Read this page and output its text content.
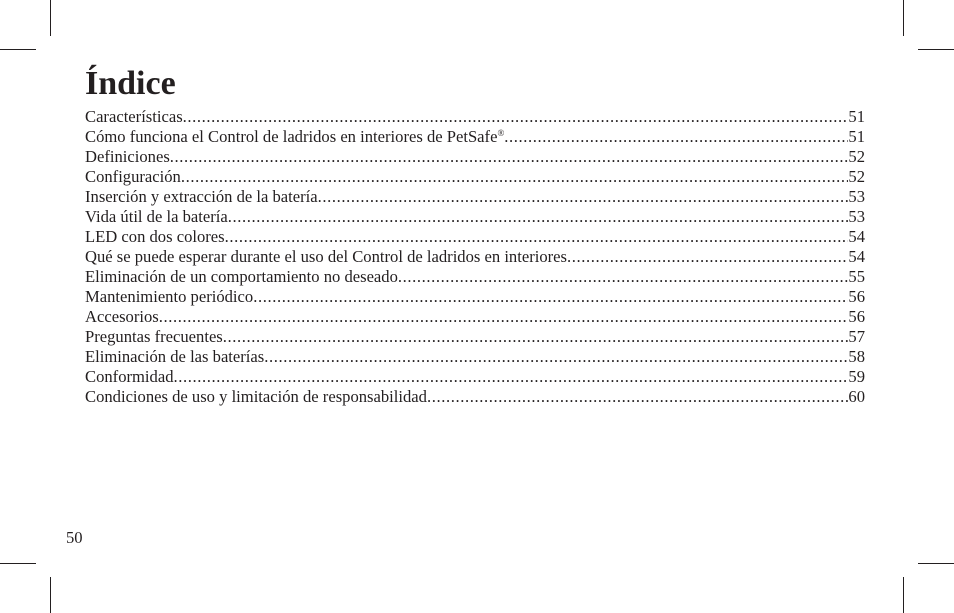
Índice
Características .....	51
Cómo funciona el Control de ladridos en interiores de PetSafe® .....	51
Definiciones .....	52
Configuración .....	52
Inserción y extracción de la batería .....	53
Vida útil de la batería .....	53
LED con dos colores .....	54
Qué se puede esperar durante el uso del Control de ladridos en interiores .....	54
Eliminación de un comportamiento no deseado .....	55
Mantenimiento periódico .....	56
Accesorios .....	56
Preguntas frecuentes .....	57
Eliminación de las baterías .....	58
Conformidad .....	59
Condiciones de uso y limitación de responsabilidad .....	60
50
